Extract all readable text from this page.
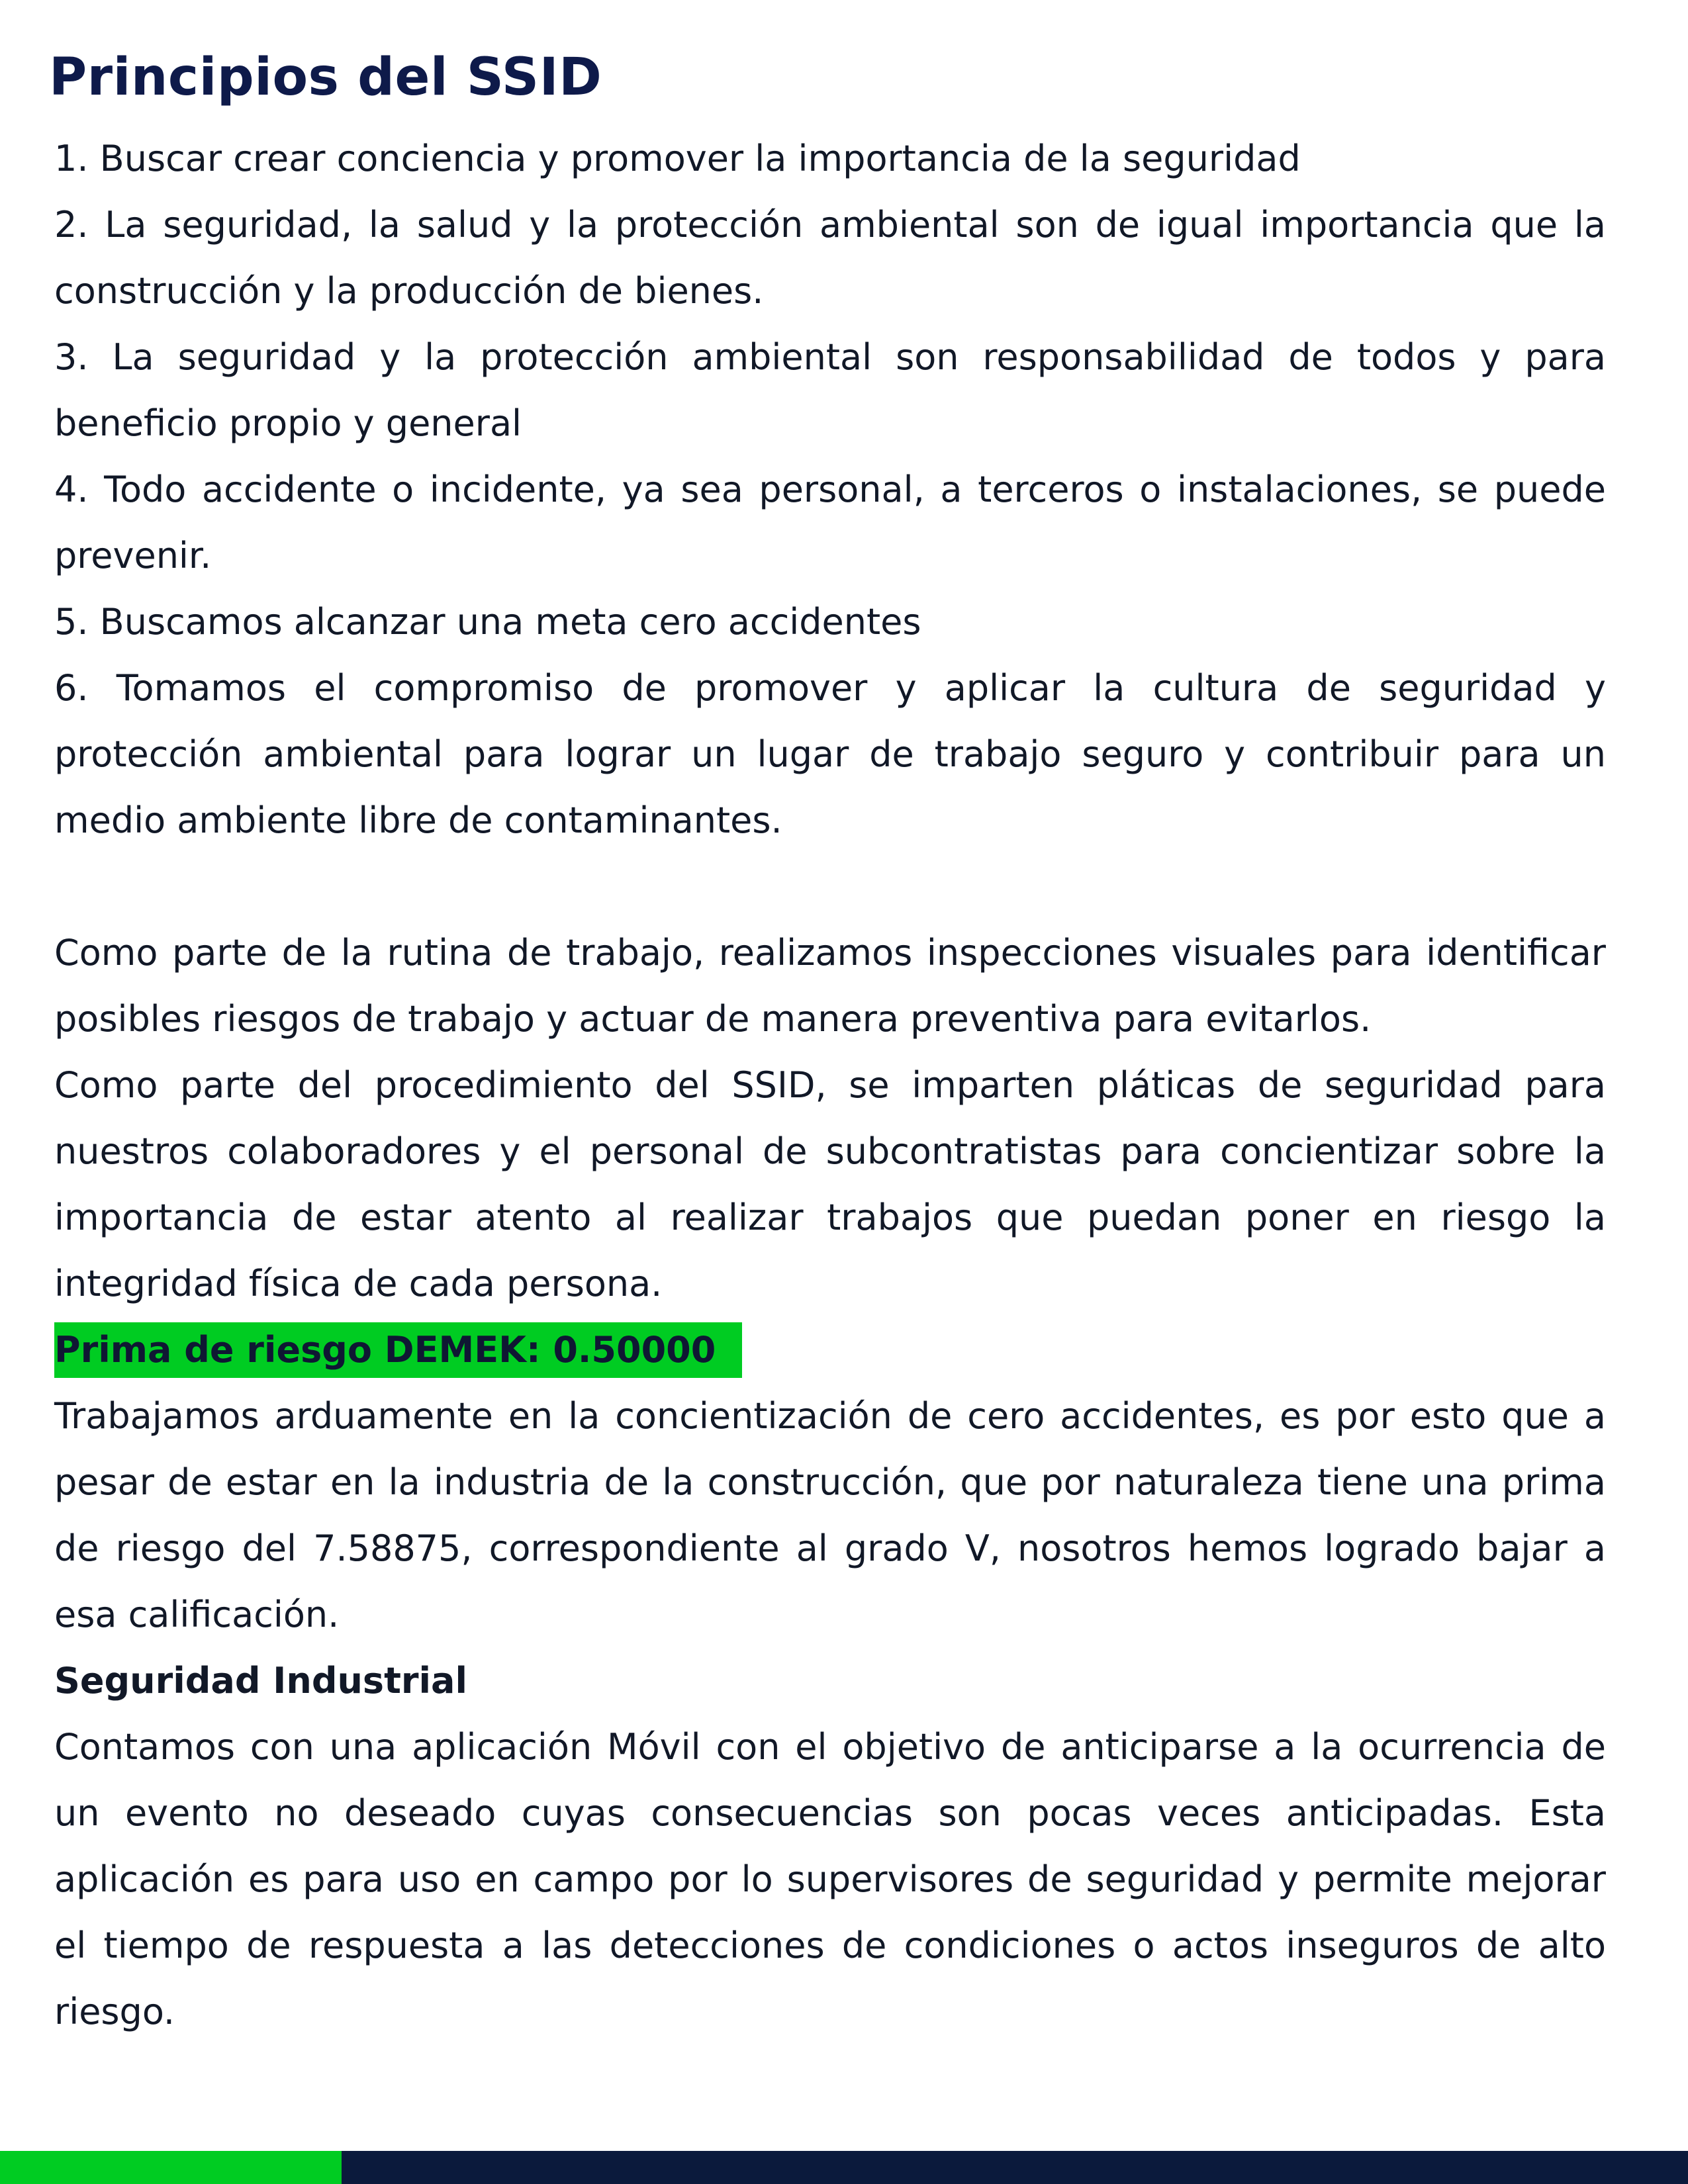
Principios del SSID

1. Buscar crear conciencia y promover la importancia de la seguridad

2. La seguridad, la salud y la protección ambiental son de igual importancia que la construcción y la producción de bienes.

3. La seguridad y la protección ambiental son responsabilidad de todos y para beneficio propio y general

4. Todo accidente o incidente, ya sea personal, a terceros o instalaciones, se puede prevenir.

5. Buscamos alcanzar una meta cero accidentes

6. Tomamos el compromiso de promover y aplicar la cultura de seguridad y protección ambiental para lograr un lugar de trabajo seguro y contribuir para un medio ambiente libre de contaminantes.

Como parte de la rutina de trabajo, realizamos inspecciones visuales para identificar posibles riesgos de trabajo y actuar de manera preventiva para evitarlos.

Como parte del procedimiento del SSID, se imparten pláticas de seguridad para nuestros colaboradores y el personal de subcontratistas para concientizar sobre la importancia de estar atento al realizar trabajos que puedan poner en riesgo la integridad física de cada persona.

Prima de riesgo DEMEK: 0.50000

Trabajamos arduamente en la concientización de cero accidentes, es por esto que a pesar de estar en la industria de la construcción, que por naturaleza tiene una prima de riesgo del 7.58875, correspondiente al grado V, nosotros hemos logrado bajar a esa calificación.

Seguridad Industrial

Contamos con una aplicación Móvil con el objetivo de anticiparse a la ocurrencia de un evento no deseado cuyas consecuencias son pocas veces anticipadas. Esta aplicación es para uso en campo por lo supervisores de seguridad y permite mejorar el tiempo de respuesta a las detecciones de condiciones o actos inseguros de alto riesgo.
